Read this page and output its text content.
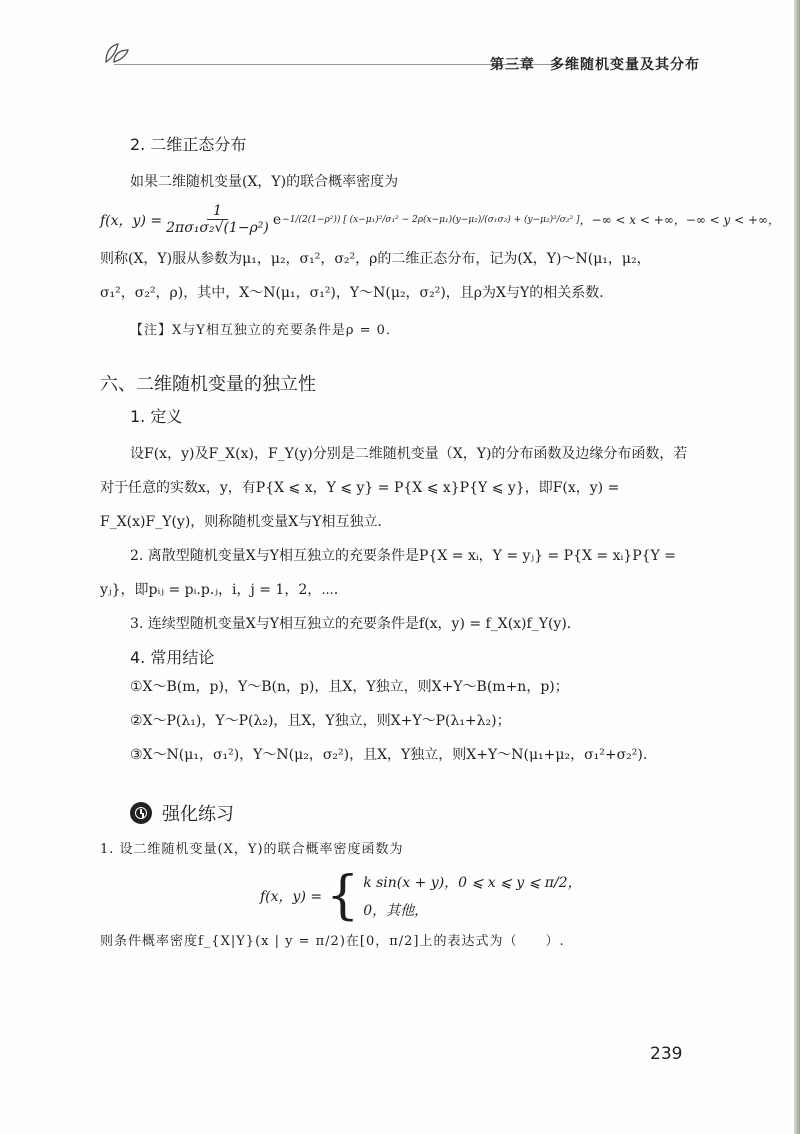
第三章　多维随机变量及其分布
2. 二维正态分布

如果二维随机变量(X，Y)的联合概率密度为

f(x，$y) = \frac{1}{\text{2πσ₁σ₂√(1−ρ²)}}$ e −1/(2(1−ρ²)) [ (x−μ₁)²/σ₁² − 2ρ(x−μ₁)(y−μ₂)/(σ₁σ₂) + (y−μ₂)²/σ₂² ] ，−∞ < x < +∞，−∞ < y < +∞，

则称(X，Y)服从参数为μ₁，μ₂，σ₁²，σ₂²，ρ的二维正态分布，记为(X，Y)～N(μ₁，μ₂，

σ₁²，σ₂²，ρ)，其中，X～N(μ₁，σ₁²)，Y～N(μ₂，σ₂²)，且ρ为X与Y的相关系数．

【注】X与Y相互独立的充要条件是ρ = 0．
六、二维随机变量的独立性
1. 定义

设F(x，y)及F_X(x)，F_Y(y)分别是二维随机变量（X，Y)的分布函数及边缘分布函数，若对于任意的实数x，y，有P{X ⩽ x，Y ⩽ y} = P{X ⩽ x}P{Y ⩽ y}，即F(x，y) = F_X(x)F_Y(y)，则称随机变量X与Y相互独立．

2. 离散型随机变量X与Y相互独立的充要条件是P{X = xᵢ，Y = yⱼ} = P{X = xᵢ}P{Y = yⱼ}，即pᵢⱼ = pᵢ.p.ⱼ，i，j = 1，2，⋯．

3. 连续型随机变量X与Y相互独立的充要条件是f(x，y) = f_X(x)f_Y(y)．

4. 常用结论
①X～B(m，p)，Y～B(n，p)，且X，Y独立，则X+Y～B(m+n，p)；
②X～P(λ₁)，Y～P(λ₂)，且X，Y独立，则X+Y～P(λ₁+λ₂)；
③X～N(μ₁，σ₁²)，Y～N(μ₂，σ₂²)，且X，Y独立，则X+Y～N(μ₁+μ₂，σ₁²+σ₂²).
强化练习
1. 设二维随机变量(X，Y)的联合概率密度函数为
f(x，y) = { k sin(x + y)，0 ⩽ x ⩽ y ⩽ π/2，
0，其他，
则条件概率密度f_{X|Y}(x | y = π/2)在[0，π/2]上的表达式为（　　）.
239
